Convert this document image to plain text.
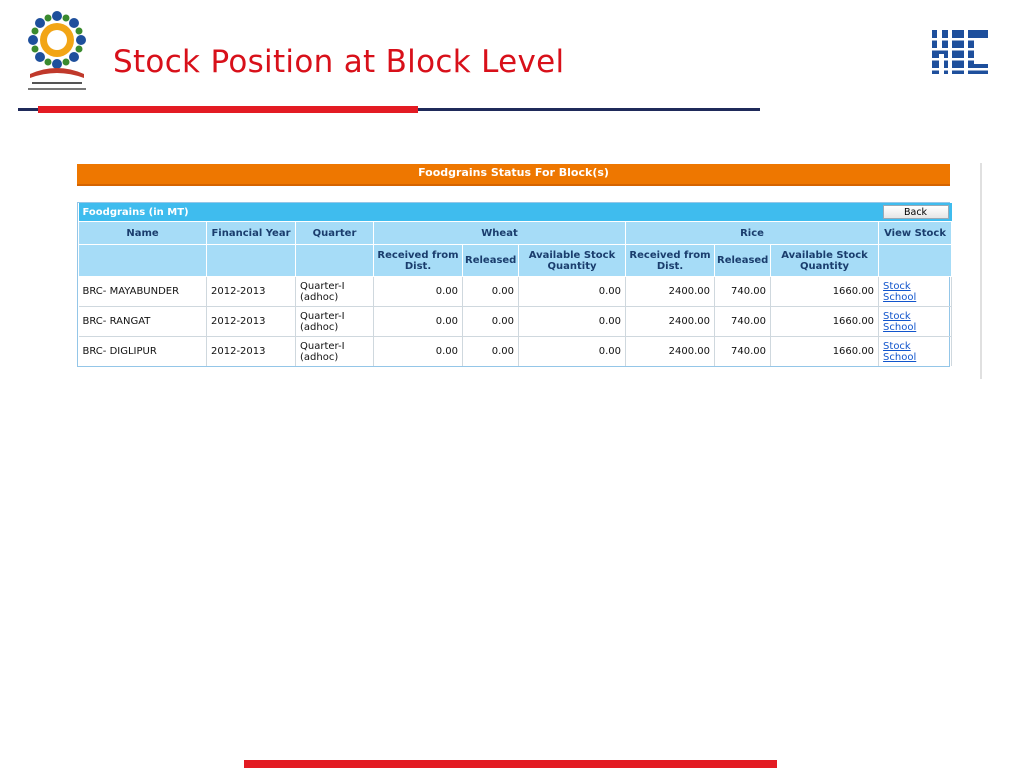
Stock Position at Block Level
Foodgrains Status For Block(s)
Foodgrains (in MT)									Back
Name	Financial Year	Quarter	Wheat			Rice			View Stock
			Received from Dist.	Released	Available Stock Quantity	Received from Dist.	Released	Available Stock Quantity	
BRC- MAYABUNDER	2012-2013	Quarter-I (adhoc)	0.00	0.00	0.00	2400.00	740.00	1660.00	Stock School
BRC- RANGAT	2012-2013	Quarter-I (adhoc)	0.00	0.00	0.00	2400.00	740.00	1660.00	Stock School
BRC- DIGLIPUR	2012-2013	Quarter-I (adhoc)	0.00	0.00	0.00	2400.00	740.00	1660.00	Stock School
